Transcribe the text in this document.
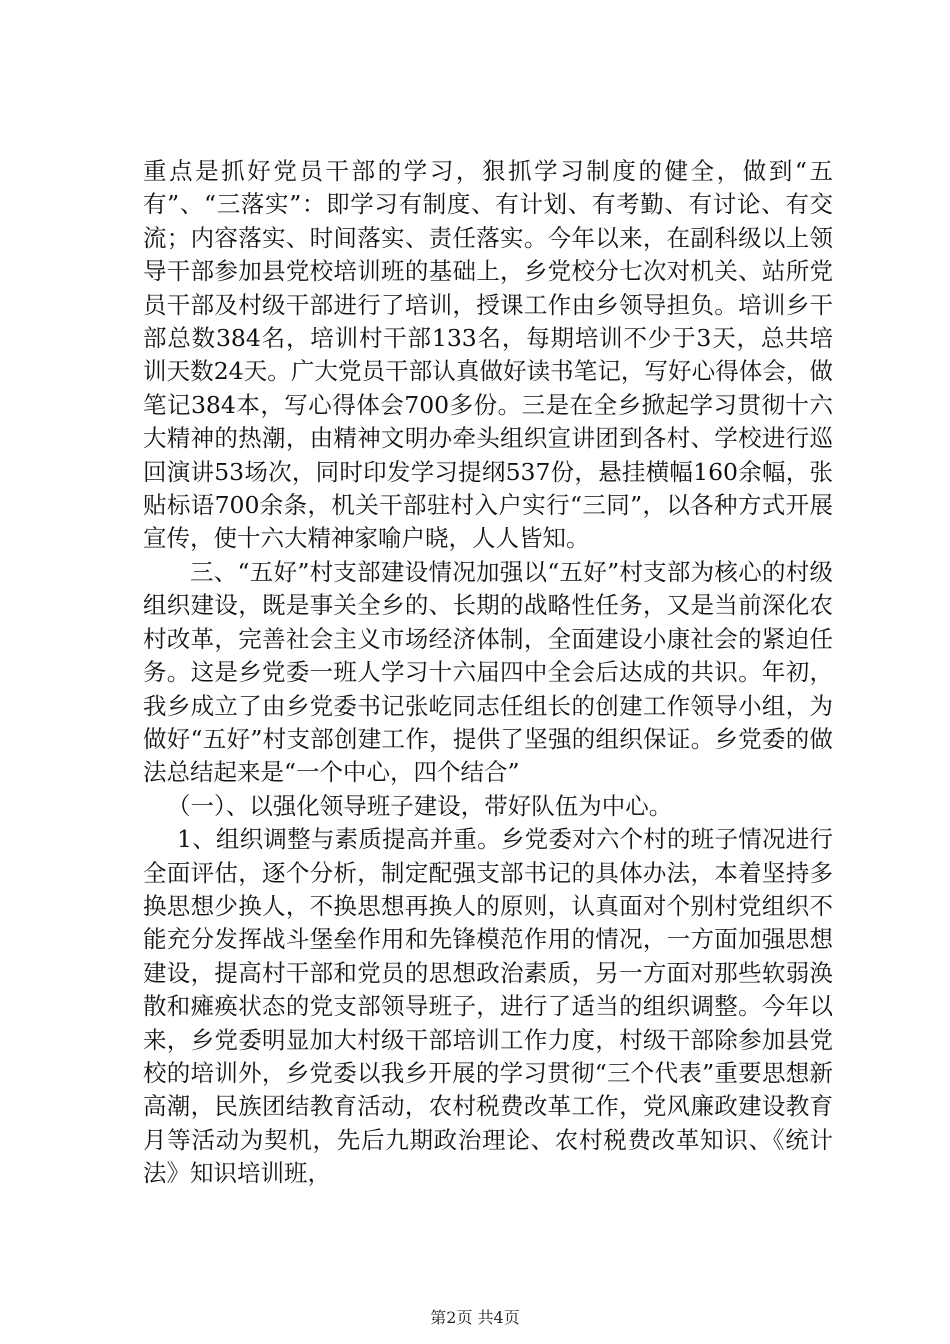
重点是抓好党员干部的学习，狠抓学习制度的健全，做到“五有”、“三落实”：即学习有制度、有计划、有考勤、有讨论、有交流；内容落实、时间落实、责任落实。今年以来，在副科级以上领导干部参加县党校培训班的基础上，乡党校分七次对机关、站所党员干部及村级干部进行了培训，授课工作由乡领导担负。培训乡干部总数384名，培训村干部133名，每期培训不少于3天，总共培训天数24天。广大党员干部认真做好读书笔记，写好心得体会，做笔记384本，写心得体会700多份。三是在全乡掀起学习贯彻十六大精神的热潮，由精神文明办牵头组织宣讲团到各村、学校进行巡回演讲53场次，同时印发学习提纲537份，悬挂横幅160余幅，张贴标语700余条，机关干部驻村入户实行“三同”，以各种方式开展宣传，使十六大精神家喻户晓，人人皆知。

三、“五好”村支部建设情况加强以“五好”村支部为核心的村级组织建设，既是事关全乡的、长期的战略性任务，又是当前深化农村改革，完善社会主义市场经济体制，全面建设小康社会的紧迫任务。这是乡党委一班人学习十六届四中全会后达成的共识。年初，我乡成立了由乡党委书记张屹同志任组长的创建工作领导小组，为做好“五好”村支部创建工作，提供了坚强的组织保证。乡党委的做法总结起来是“一个中心，四个结合”

（一）、以强化领导班子建设，带好队伍为中心。

1、组织调整与素质提高并重。乡党委对六个村的班子情况进行全面评估，逐个分析，制定配强支部书记的具体办法，本着坚持多换思想少换人，不换思想再换人的原则，认真面对个别村党组织不能充分发挥战斗堡垒作用和先锋模范作用的情况，一方面加强思想建设，提高村干部和党员的思想政治素质，另一方面对那些软弱涣散和瘫痪状态的党支部领导班子，进行了适当的组织调整。今年以来，乡党委明显加大村级干部培训工作力度，村级干部除参加县党校的培训外，乡党委以我乡开展的学习贯彻“三个代表”重要思想新高潮，民族团结教育活动，农村税费改革工作，党风廉政建设教育月等活动为契机，先后九期政治理论、农村税费改革知识、《统计法》知识培训班，

第2页 共4页
